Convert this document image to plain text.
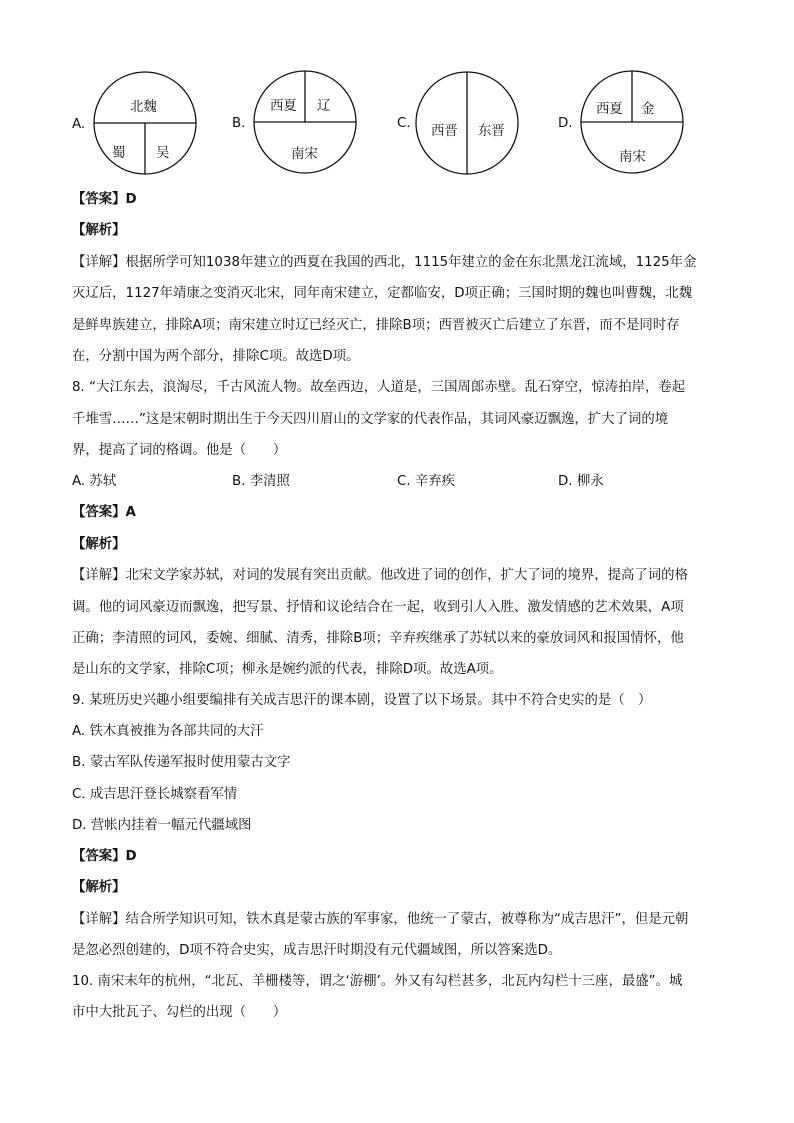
A.	B.	C.	D.
北魏
蜀 吴
西夏 辽
南宋
西晋 东晋
西夏 金
南宋
【答案】D
【解析】
【详解】根据所学可知1038年建立的西夏在我国的西北，1115年建立的金在东北黑龙江流域，1125年金
灭辽后，1127年靖康之变消灭北宋，同年南宋建立，定都临安，D项正确；三国时期的魏也叫曹魏，北魏
是鲜卑族建立，排除A项；南宋建立时辽已经灭亡，排除B项；西晋被灭亡后建立了东晋，而不是同时存
在，分割中国为两个部分，排除C项。故选D项。
8. “大江东去，浪淘尽，千古风流人物。故垒西边，人道是，三国周郎赤壁。乱石穿空，惊涛拍岸，卷起
千堆雪……”这是宋朝时期出生于今天四川眉山的文学家的代表作品，其词风豪迈飘逸，扩大了词的境
界，提高了词的格调。他是（　　）
A. 苏轼	B. 李清照	C. 辛弃疾	D. 柳永
【答案】A
【解析】
【详解】北宋文学家苏轼，对词的发展有突出贡献。他改进了词的创作，扩大了词的境界，提高了词的格
调。他的词风豪迈而飘逸，把写景、抒情和议论结合在一起，收到引人入胜、激发情感的艺术效果，A项
正确；李清照的词风，委婉、细腻、清秀，排除B项；辛弃疾继承了苏轼以来的豪放词风和报国情怀，他
是山东的文学家，排除C项；柳永是婉约派的代表，排除D项。故选A项。
9. 某班历史兴趣小组要编排有关成吉思汗的课本剧，设置了以下场景。其中不符合史实的是（　）
A. 铁木真被推为各部共同的大汗
B. 蒙古军队传递军报时使用蒙古文字
C. 成吉思汗登长城察看军情
D. 营帐内挂着一幅元代疆域图
【答案】D
【解析】
【详解】结合所学知识可知，铁木真是蒙古族的军事家，他统一了蒙古，被尊称为“成吉思汗”，但是元朝
是忽必烈创建的，D项不符合史实，成吉思汗时期没有元代疆域图，所以答案选D。
10. 南宋末年的杭州，“北瓦、羊栅楼等，谓之‘游棚’。外又有勾栏甚多，北瓦内勾栏十三座，最盛”。城
市中大批瓦子、勾栏的出现（　　）
